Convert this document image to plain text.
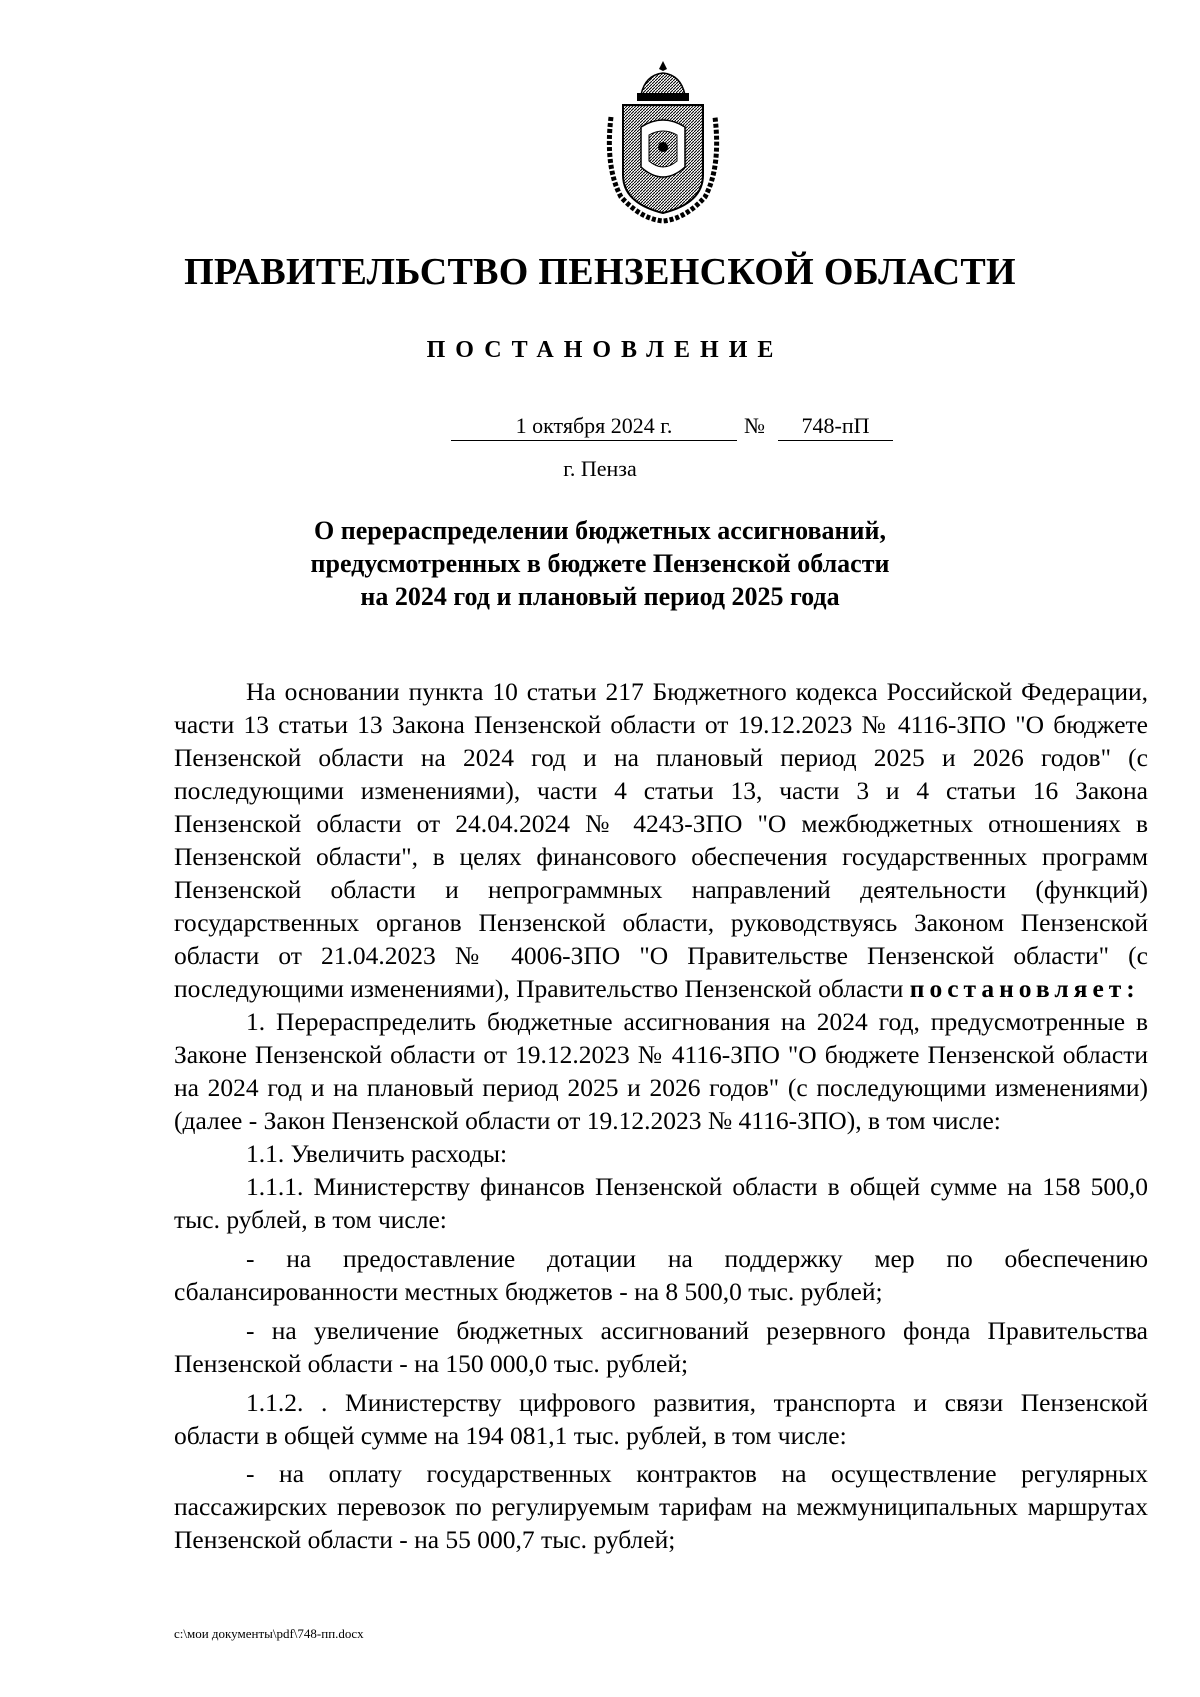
ПРАВИТЕЛЬСТВО ПЕНЗЕНСКОЙ ОБЛАСТИ
ПОСТАНОВЛЕНИЕ
1 октября 2024 г.	№	748-пП
г. Пенза
О перераспределении бюджетных ассигнований,
предусмотренных в бюджете Пензенской области
на 2024 год и плановый период 2025 года

На основании пункта 10 статьи 217 Бюджетного кодекса Российской Федерации, части 13 статьи 13 Закона Пензенской области от 19.12.2023 № 4116-ЗПО "О бюджете Пензенской области на 2024 год и на плановый период 2025 и 2026 годов" (с последующими изменениями), части 4 статьи 13, части 3 и 4 статьи 16 Закона Пензенской области от 24.04.2024 № 4243-ЗПО "О межбюджетных отношениях в Пензенской области", в целях финансового обеспечения государственных программ Пензенской области и непрограммных направлений деятельности (функций) государственных органов Пензенской области, руководствуясь Законом Пензенской области от 21.04.2023 № 4006-ЗПО "О Правительстве Пензенской области" (с последующими изменениями), Правительство Пензенской области постановляет:

1. Перераспределить бюджетные ассигнования на 2024 год, предусмотренные в Законе Пензенской области от 19.12.2023 № 4116-ЗПО "О бюджете Пензенской области на 2024 год и на плановый период 2025 и 2026 годов" (с последующими изменениями) (далее - Закон Пензенской области от 19.12.2023 № 4116-ЗПО), в том числе:

1.1. Увеличить расходы:

1.1.1. Министерству финансов Пензенской области в общей сумме на 158 500,0 тыс. рублей, в том числе:

- на предоставление дотации на поддержку мер по обеспечению сбалансированности местных бюджетов - на 8 500,0 тыс. рублей;

- на увеличение бюджетных ассигнований резервного фонда Правительства Пензенской области - на 150 000,0 тыс. рублей;

1.1.2. . Министерству цифрового развития, транспорта и связи Пензенской области в общей сумме на 194 081,1 тыс. рублей, в том числе:

- на оплату государственных контрактов на осуществление регулярных пассажирских перевозок по регулируемым тарифам на межмуниципальных маршрутах Пензенской области - на 55 000,7 тыс. рублей;

c:\мои документы\pdf\748-пп.docx
